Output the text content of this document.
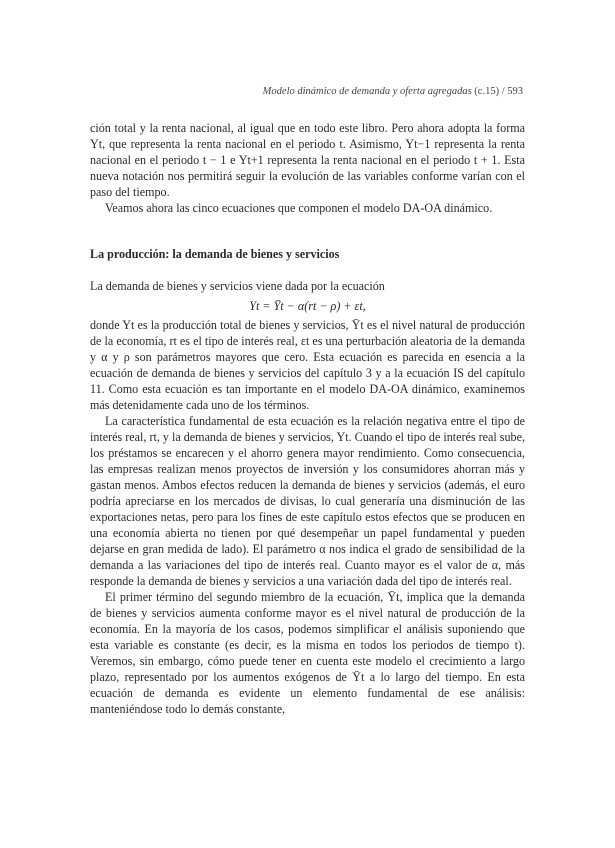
Modelo dinámico de demanda y oferta agregadas (c.15) / 593

ción total y la renta nacional, al igual que en todo este libro. Pero ahora adopta la forma Yt, que representa la renta nacional en el periodo t. Asimismo, Yt−1 representa la renta nacional en el periodo t − 1 e Yt+1 representa la renta nacional en el periodo t + 1. Esta nueva notación nos permitirá seguir la evolución de las variables conforme varían con el paso del tiempo.

Veamos ahora las cinco ecuaciones que componen el modelo DA-OA dinámico.

La producción: la demanda de bienes y servicios

La demanda de bienes y servicios viene dada por la ecuación

Yt = Ȳt − α(rt − ρ) + εt,

donde Yt es la producción total de bienes y servicios, Ȳt es el nivel natural de producción de la economía, rt es el tipo de interés real, εt es una perturbación aleatoria de la demanda y α y ρ son parámetros mayores que cero. Esta ecuación es parecida en esencia a la ecuación de demanda de bienes y servicios del capítulo 3 y a la ecuación IS del capítulo 11. Como esta ecuación es tan importante en el modelo DA-OA dinámico, examinemos más detenidamente cada uno de los términos.

La característica fundamental de esta ecuación es la relación negativa entre el tipo de interés real, rt, y la demanda de bienes y servicios, Yt. Cuando el tipo de interés real sube, los préstamos se encarecen y el ahorro genera mayor rendimiento. Como consecuencia, las empresas realizan menos proyectos de inversión y los consumidores ahorran más y gastan menos. Ambos efectos reducen la demanda de bienes y servicios (además, el euro podría apreciarse en los mercados de divisas, lo cual generaría una disminución de las exportaciones netas, pero para los fines de este capítulo estos efectos que se producen en una economía abierta no tienen por qué desempeñar un papel fundamental y pueden dejarse en gran medida de lado). El parámetro α nos indica el grado de sensibilidad de la demanda a las variaciones del tipo de interés real. Cuanto mayor es el valor de α, más responde la demanda de bienes y servicios a una variación dada del tipo de interés real.

El primer término del segundo miembro de la ecuación, Ȳt, implica que la demanda de bienes y servicios aumenta conforme mayor es el nivel natural de producción de la economía. En la mayoría de los casos, podemos simplificar el análisis suponiendo que esta variable es constante (es decir, es la misma en todos los periodos de tiempo t). Veremos, sin embargo, cómo puede tener en cuenta este modelo el crecimiento a largo plazo, representado por los aumentos exógenos de Ȳt a lo largo del tiempo. En esta ecuación de demanda es evidente un elemento fundamental de ese análisis: manteniéndose todo lo demás constante,
